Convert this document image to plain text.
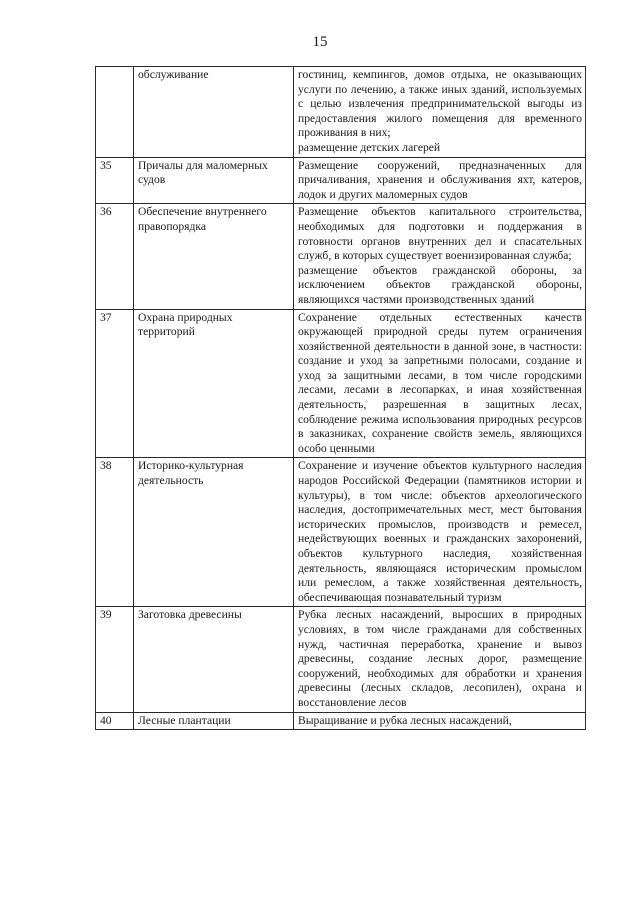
15
	обслуживание	гостиниц, кемпингов, домов отдыха, не оказывающих услуги по лечению, а также иных зданий, используемых с целью извлечения предпринимательской выгоды из предоставления жилого помещения для временного проживания в них;
размещение детских лагерей

35	Причалы для маломерных судов	Размещение сооружений, предназначенных для причаливания, хранения и обслуживания яхт, катеров, лодок и других маломерных судов

36	Обеспечение внутреннего правопорядка	Размещение объектов капитального строительства, необходимых для подготовки и поддержания в готовности органов внутренних дел и спасательных служб, в которых существует военизированная служба;
размещение объектов гражданской обороны, за исключением объектов гражданской обороны, являющихся частями производственных зданий

37	Охрана природных территорий	Сохранение отдельных естественных качеств окружающей природной среды путем ограничения хозяйственной деятельности в данной зоне, в частности: создание и уход за запретными полосами, создание и уход за защитными лесами, в том числе городскими лесами, лесами в лесопарках, и иная хозяйственная деятельность, разрешенная в защитных лесах, соблюдение режима использования природных ресурсов в заказниках, сохранение свойств земель, являющихся особо ценными

38	Историко-культурная деятельность	Сохранение и изучение объектов культурного наследия народов Российской Федерации (памятников истории и культуры), в том числе: объектов археологического наследия, достопримечательных мест, мест бытования исторических промыслов, производств и ремесел, недействующих военных и гражданских захоронений, объектов культурного наследия, хозяйственная деятельность, являющаяся историческим промыслом или ремеслом, а также хозяйственная деятельность, обеспечивающая познавательный туризм

39	Заготовка древесины	Рубка лесных насаждений, выросших в природных условиях, в том числе гражданами для собственных нужд, частичная переработка, хранение и вывоз древесины, создание лесных дорог, размещение сооружений, необходимых для обработки и хранения древесины (лесных складов, лесопилен), охрана и восстановление лесов

40	Лесные плантации	Выращивание и рубка лесных насаждений,
